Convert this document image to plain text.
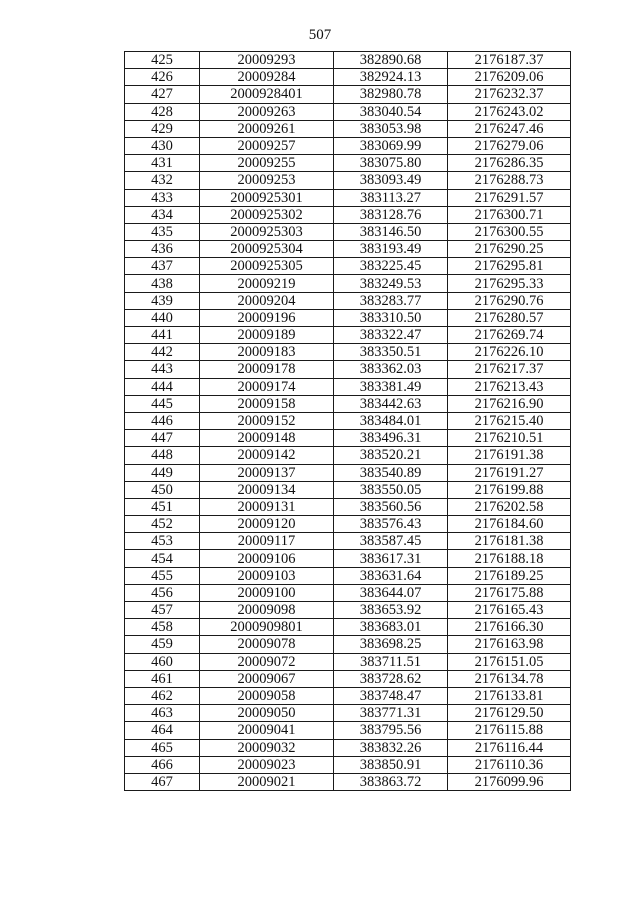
507
425	20009293	382890.68	2176187.37
426	20009284	382924.13	2176209.06
427	2000928401	382980.78	2176232.37
428	20009263	383040.54	2176243.02
429	20009261	383053.98	2176247.46
430	20009257	383069.99	2176279.06
431	20009255	383075.80	2176286.35
432	20009253	383093.49	2176288.73
433	2000925301	383113.27	2176291.57
434	2000925302	383128.76	2176300.71
435	2000925303	383146.50	2176300.55
436	2000925304	383193.49	2176290.25
437	2000925305	383225.45	2176295.81
438	20009219	383249.53	2176295.33
439	20009204	383283.77	2176290.76
440	20009196	383310.50	2176280.57
441	20009189	383322.47	2176269.74
442	20009183	383350.51	2176226.10
443	20009178	383362.03	2176217.37
444	20009174	383381.49	2176213.43
445	20009158	383442.63	2176216.90
446	20009152	383484.01	2176215.40
447	20009148	383496.31	2176210.51
448	20009142	383520.21	2176191.38
449	20009137	383540.89	2176191.27
450	20009134	383550.05	2176199.88
451	20009131	383560.56	2176202.58
452	20009120	383576.43	2176184.60
453	20009117	383587.45	2176181.38
454	20009106	383617.31	2176188.18
455	20009103	383631.64	2176189.25
456	20009100	383644.07	2176175.88
457	20009098	383653.92	2176165.43
458	2000909801	383683.01	2176166.30
459	20009078	383698.25	2176163.98
460	20009072	383711.51	2176151.05
461	20009067	383728.62	2176134.78
462	20009058	383748.47	2176133.81
463	20009050	383771.31	2176129.50
464	20009041	383795.56	2176115.88
465	20009032	383832.26	2176116.44
466	20009023	383850.91	2176110.36
467	20009021	383863.72	2176099.96
